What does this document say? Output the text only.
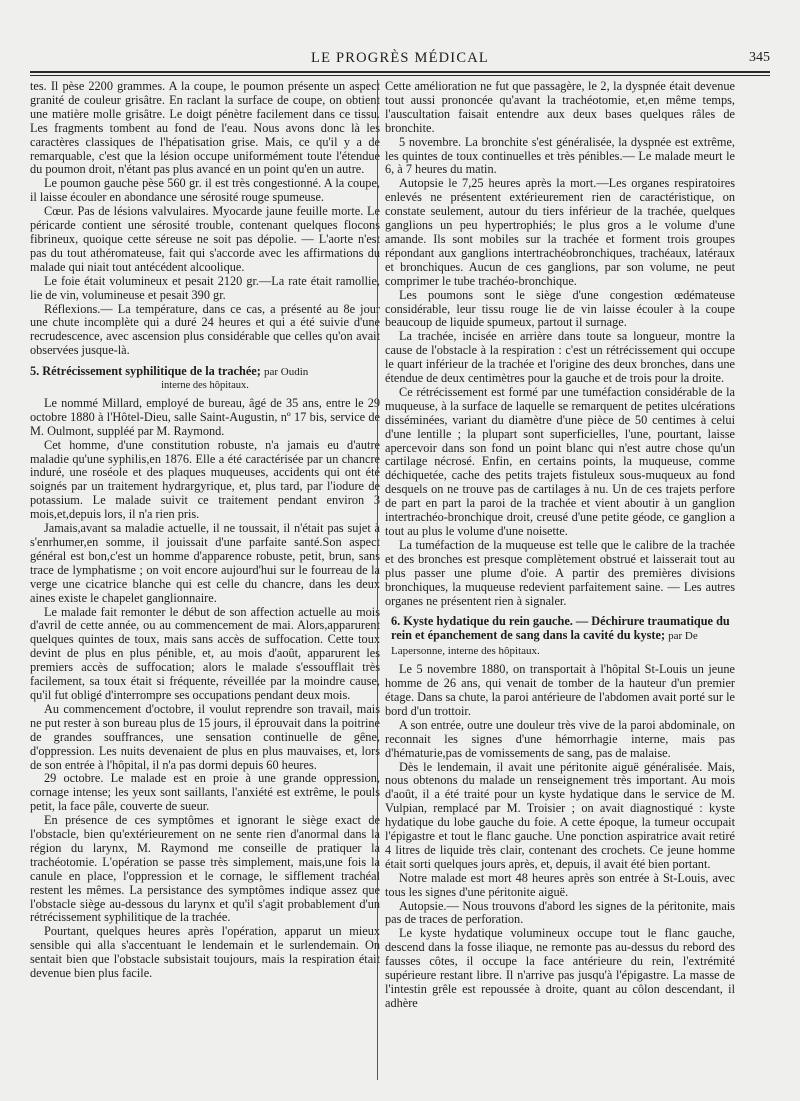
LE PROGRÈS MÉDICAL	345

tes. Il pèse 2200 grammes. A la coupe, le poumon présente un aspect granité de couleur grisâtre. En raclant la surface de coupe, on obtient une matière molle grisâtre. Le doigt pénètre facilement dans ce tissu. Les fragments tombent au fond de l'eau. Nous avons donc là les caractères classiques de l'hépatisation grise. Mais, ce qu'il y a de remarquable, c'est que la lésion occupe uniformément toute l'étendue du poumon droit, n'étant pas plus avancé en un point qu'en un autre.

Le poumon gauche pèse 560 gr. il est très congestionné. A la coupe, il laisse écouler en abondance une sérosité rouge spumeuse.

Cœur. Pas de lésions valvulaires. Myocarde jaune feuille morte. Le péricarde contient une sérosité trouble, contenant quelques flocons fibrineux, quoique cette séreuse ne soit pas dépolie. — L'aorte n'est pas du tout athéromateuse, fait qui s'accorde avec les affirmations du malade qui niait tout antécédent alcoolique.

Le foie était volumineux et pesait 2120 gr.—La rate était ramollie, lie de vin, volumineuse et pesait 390 gr.

Réflexions.— La température, dans ce cas, a présenté au 8e jour une chute incomplète qui a duré 24 heures et qui a été suivie d'une recrudescence, avec ascension plus considérable que celles qu'on avait observées jusque-là.

5. Rétrécissement syphilitique de la trachée; par Oudin
interne des hôpitaux.

Le nommé Millard, employé de bureau, âgé de 35 ans, entre le 29 octobre 1880 à l'Hôtel-Dieu, salle Saint-Augustin, nº 17 bis, service de M. Oulmont, suppléé par M. Raymond.

Cet homme, d'une constitution robuste, n'a jamais eu d'autre maladie qu'une syphilis,en 1876. Elle a été caractérisée par un chancre induré, une roséole et des plaques muqueuses, accidents qui ont été soignés par un traitement hydrargyrique, et, plus tard, par l'iodure de potassium. Le malade suivit ce traitement pendant environ 3 mois,et,depuis lors, il n'a rien pris.

Jamais,avant sa maladie actuelle, il ne toussait, il n'était pas sujet à s'enrhumer,en somme, il jouissait d'une parfaite santé.Son aspect général est bon,c'est un homme d'apparence robuste, petit, brun, sans trace de lymphatisme ; on voit encore aujourd'hui sur le fourreau de la verge une cicatrice blanche qui est celle du chancre, dans les deux aines existe le chapelet ganglionnaire.

Le malade fait remonter le début de son affection actuelle au mois d'avril de cette année, ou au commencement de mai. Alors,apparurent quelques quintes de toux, mais sans accès de suffocation. Cette toux devint de plus en plus pénible, et, au mois d'août, apparurent les premiers accès de suffocation; alors le malade s'essoufflait très facilement, sa toux était si fréquente, réveillée par la moindre cause, qu'il fut obligé d'interrompre ses occupations pendant deux mois.

Au commencement d'octobre, il voulut reprendre son travail, mais ne put rester à son bureau plus de 15 jours, il éprouvait dans la poitrine de grandes souffrances, une sensation continuelle de gêne, d'oppression. Les nuits devenaient de plus en plus mauvaises, et, lors de son entrée à l'hôpital, il n'a pas dormi depuis 60 heures.

29 octobre. Le malade est en proie à une grande oppression, cornage intense; les yeux sont saillants, l'anxiété est extrême, le pouls petit, la face pâle, couverte de sueur.

En présence de ces symptômes et ignorant le siège exact de l'obstacle, bien qu'extérieurement on ne sente rien d'anormal dans la région du larynx, M. Raymond me conseille de pratiquer la trachéotomie. L'opération se passe très simplement, mais,une fois la canule en place, l'oppression et le cornage, le sifflement trachéal restent les mêmes. La persistance des symptômes indique assez que l'obstacle siège au-dessous du larynx et qu'il s'agit probablement d'un rétrécissement syphilitique de la trachée.

Pourtant, quelques heures après l'opération, apparut un mieux sensible qui alla s'accentuant le lendemain et le surlendemain. On sentait bien que l'obstacle subsistait toujours, mais la respiration était devenue bien plus facile.

Cette amélioration ne fut que passagère, le 2, la dyspnée était devenue tout aussi prononcée qu'avant la trachéotomie, et,en même temps, l'auscultation faisait entendre aux deux bases quelques râles de bronchite.

5 novembre. La bronchite s'est généralisée, la dyspnée est extrême, les quintes de toux continuelles et très pénibles.— Le malade meurt le 6, à 7 heures du matin.

Autopsie le 7,25 heures après la mort.—Les organes respiratoires enlevés ne présentent extérieurement rien de caractéristique, on constate seulement, autour du tiers inférieur de la trachée, quelques ganglions un peu hypertrophiés; le plus gros a le volume d'une amande. Ils sont mobiles sur la trachée et forment trois groupes répondant aux ganglions intertrachéobronchiques, trachéaux, latéraux et bronchiques. Aucun de ces ganglions, par son volume, ne peut comprimer le tube trachéo-bronchique.

Les poumons sont le siège d'une congestion œdémateuse considérable, leur tissu rouge lie de vin laisse écouler à la coupe beaucoup de liquide spumeux, partout il surnage.

La trachée, incisée en arrière dans toute sa longueur, montre la cause de l'obstacle à la respiration : c'est un rétrécissement qui occupe le quart inférieur de la trachée et l'origine des deux bronches, dans une étendue de deux centimètres pour la gauche et de trois pour la droite.

Ce rétrécissement est formé par une tuméfaction considérable de la muqueuse, à la surface de laquelle se remarquent de petites ulcérations disséminées, variant du diamètre d'une pièce de 50 centimes à celui d'une lentille ; la plupart sont superficielles, l'une, pourtant, laisse apercevoir dans son fond un point blanc qui n'est autre chose qu'un cartilage nécrosé. Enfin, en certains points, la muqueuse, comme déchiquetée, cache des petits trajets fistuleux sous-muqueux au fond desquels on ne trouve pas de cartilages à nu. Un de ces trajets perfore de part en part la paroi de la trachée et vient aboutir à un ganglion intertrachéo-bronchique droit, creusé d'une petite géode, ce ganglion a tout au plus le volume d'une noisette.

La tuméfaction de la muqueuse est telle que le calibre de la trachée et des bronches est presque complètement obstrué et laisserait tout au plus passer une plume d'oie. A partir des premières divisions bronchiques, la muqueuse redevient parfaitement saine. — Les autres organes ne présentent rien à signaler.

6. Kyste hydatique du rein gauche. — Déchirure traumatique du rein et épanchement de sang dans la cavité du kyste; par De Lapersonne, interne des hôpitaux.

Le 5 novembre 1880, on transportait à l'hôpital St-Louis un jeune homme de 26 ans, qui venait de tomber de la hauteur d'un premier étage. Dans sa chute, la paroi antérieure de l'abdomen avait porté sur le bord d'un trottoir.

A son entrée, outre une douleur très vive de la paroi abdominale, on reconnait les signes d'une hémorrhagie interne, mais pas d'hématurie,pas de vomissements de sang, pas de malaise.

Dès le lendemain, il avait une péritonite aiguë généralisée. Mais, nous obtenons du malade un renseignement très important. Au mois d'août, il a été traité pour un kyste hydatique dans le service de M. Vulpian, remplacé par M. Troisier ; on avait diagnostiqué : kyste hydatique du lobe gauche du foie. A cette époque, la tumeur occupait l'épigastre et tout le flanc gauche. Une ponction aspiratrice avait retiré 4 litres de liquide très clair, contenant des crochets. Ce jeune homme était sorti quelques jours après, et, depuis, il avait été bien portant.

Notre malade est mort 48 heures après son entrée à St-Louis, avec tous les signes d'une péritonite aiguë.

Autopsie.— Nous trouvons d'abord les signes de la péritonite, mais pas de traces de perforation.

Le kyste hydatique volumineux occupe tout le flanc gauche, descend dans la fosse iliaque, ne remonte pas au-dessus du rebord des fausses côtes, il occupe la face antérieure du rein, l'extrémité supérieure restant libre. Il n'arrive pas jusqu'à l'épigastre. La masse de l'intestin grêle est repoussée à droite, quant au côlon descendant, il adhère
